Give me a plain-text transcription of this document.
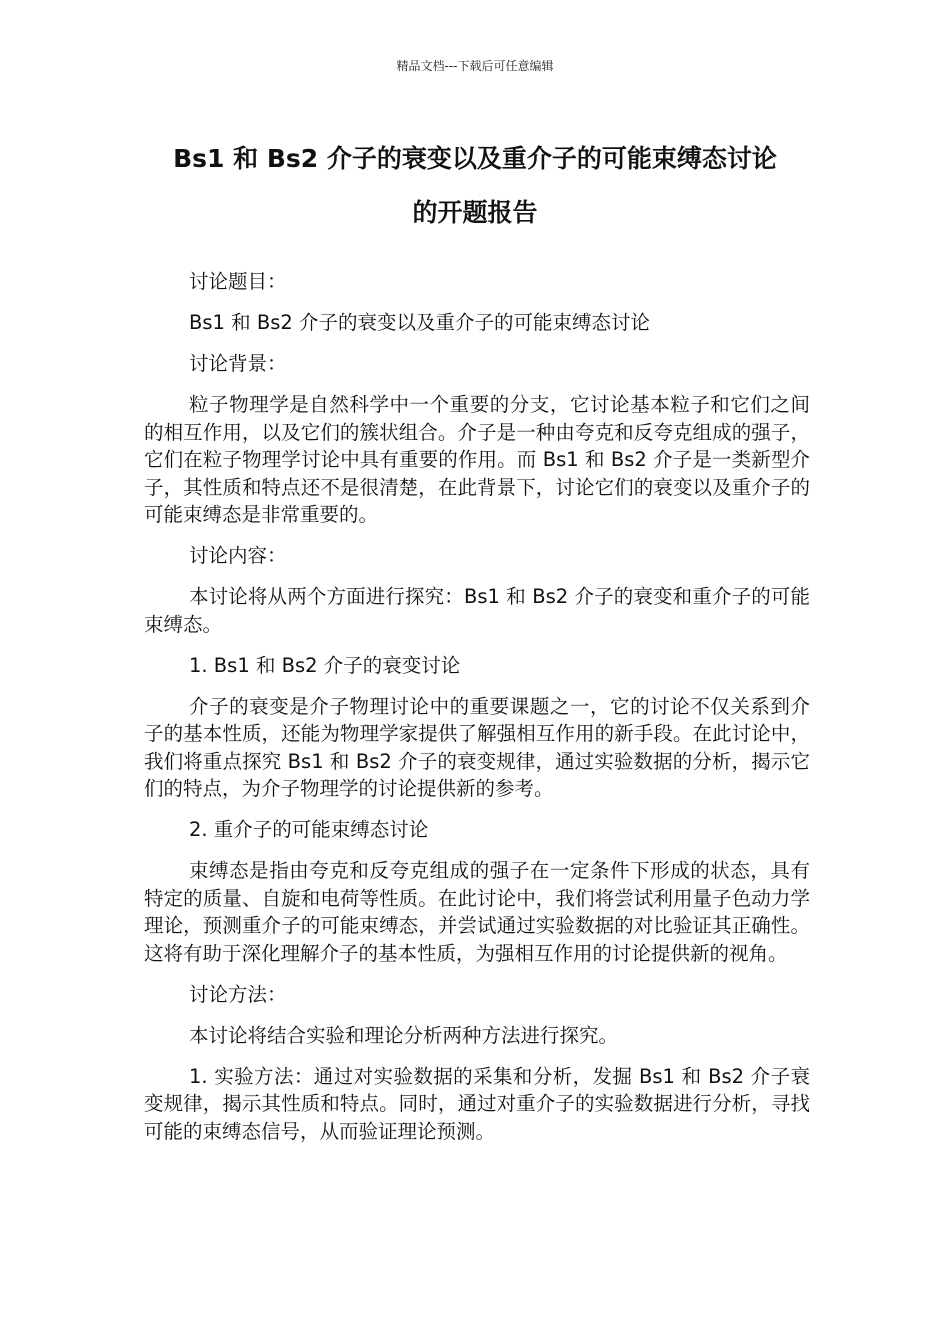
精品文档---下载后可任意编辑
Bs1 和 Bs2 介子的衰变以及重介子的可能束缚态讨论
的开题报告

讨论题目：

Bs1 和 Bs2 介子的衰变以及重介子的可能束缚态讨论

讨论背景：

粒子物理学是自然科学中一个重要的分支，它讨论基本粒子和它们之间的相互作用，以及它们的簇状组合。介子是一种由夸克和反夸克组成的强子，它们在粒子物理学讨论中具有重要的作用。而 Bs1 和 Bs2 介子是一类新型介子，其性质和特点还不是很清楚，在此背景下，讨论它们的衰变以及重介子的可能束缚态是非常重要的。

讨论内容：

本讨论将从两个方面进行探究：Bs1 和 Bs2 介子的衰变和重介子的可能束缚态。

1. Bs1 和 Bs2 介子的衰变讨论

介子的衰变是介子物理讨论中的重要课题之一，它的讨论不仅关系到介子的基本性质，还能为物理学家提供了解强相互作用的新手段。在此讨论中，我们将重点探究 Bs1 和 Bs2 介子的衰变规律，通过实验数据的分析，揭示它们的特点，为介子物理学的讨论提供新的参考。

2. 重介子的可能束缚态讨论

束缚态是指由夸克和反夸克组成的强子在一定条件下形成的状态，具有特定的质量、自旋和电荷等性质。在此讨论中，我们将尝试利用量子色动力学理论，预测重介子的可能束缚态，并尝试通过实验数据的对比验证其正确性。这将有助于深化理解介子的基本性质，为强相互作用的讨论提供新的视角。

讨论方法：

本讨论将结合实验和理论分析两种方法进行探究。

1. 实验方法：通过对实验数据的采集和分析，发掘 Bs1 和 Bs2 介子衰变规律，揭示其性质和特点。同时，通过对重介子的实验数据进行分析，寻找可能的束缚态信号，从而验证理论预测。
